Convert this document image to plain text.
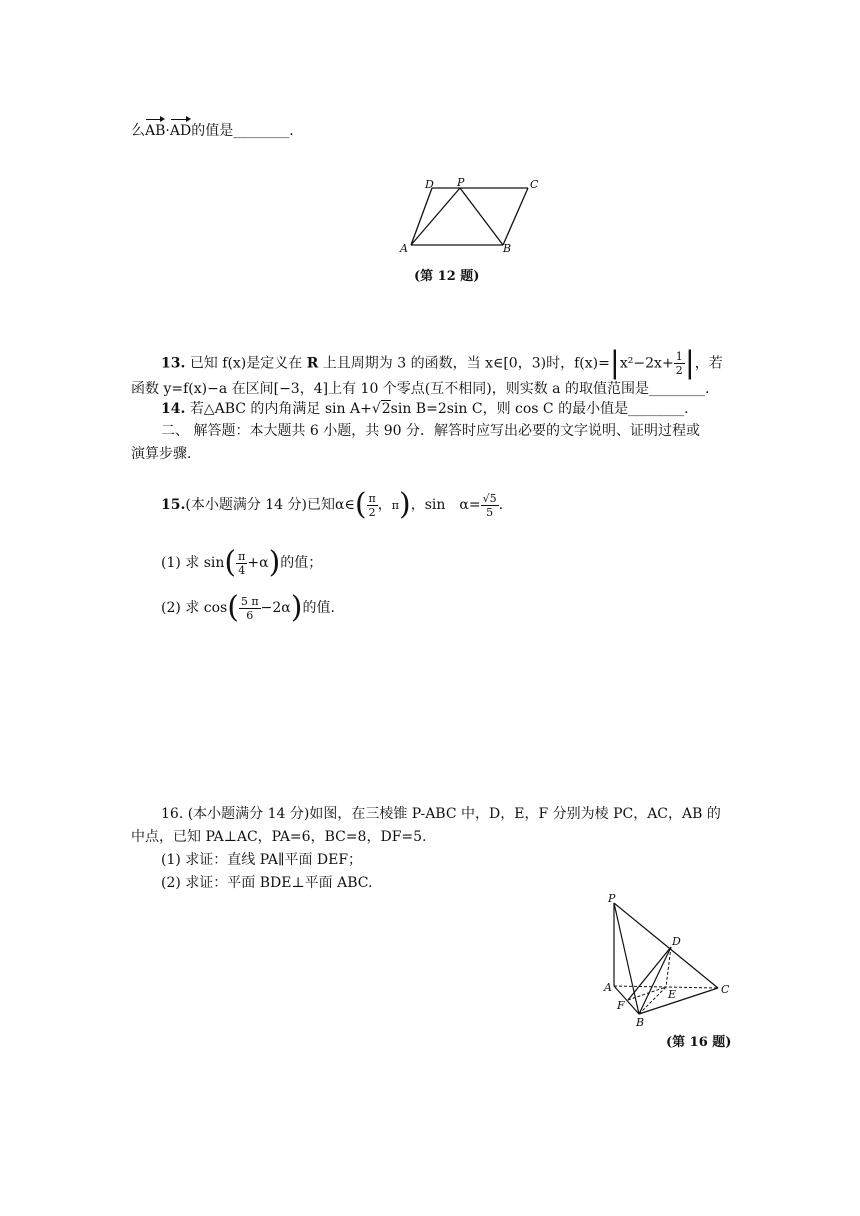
么AB·AD的值是________.
D P	C
A	B
(第 12 题)
13. 已知 f(x)是定义在 R 上且周期为 3 的函数，当 x∈[0，3)时，$f(x)=|x^2-2x+ \frac{1}{2}$ |，若
函数 y=f(x)−a 在区间[−3，4]上有 10 个零点(互不相同)，则实数 a 的取值范围是________.
14. 若△ABC 的内角满足 sin A+√2sin B=2sin C，则 cos C 的最小值是________.
二、 解答题：本大题共 6 小题，共 90 分．解答时应写出必要的文字说明、证明过程或
演算步骤．
15.(本小题满分 14 分)已知α∈( $\frac{\pi}{2}$ ，π)，sin　$\alpha= \frac{√5}{5}$ .
(1) 求 $\sin( \frac{\pi}{4} +\alpha)$的值；
(2) 求 $\cos( \frac{5 \pi}{6} -2\alpha)$的值.
16. (本小题满分 14 分)如图，在三棱锥 P-ABC 中，D，E，F 分别为棱 PC，AC，AB 的
中点，已知 PA⊥AC，PA=6，BC=8，DF=5.
(1) 求证：直线 PA∥平面 DEF；
(2) 求证：平面 BDE⊥平面 ABC.
P
D
A
E	C
F
B
(第 16 题)
